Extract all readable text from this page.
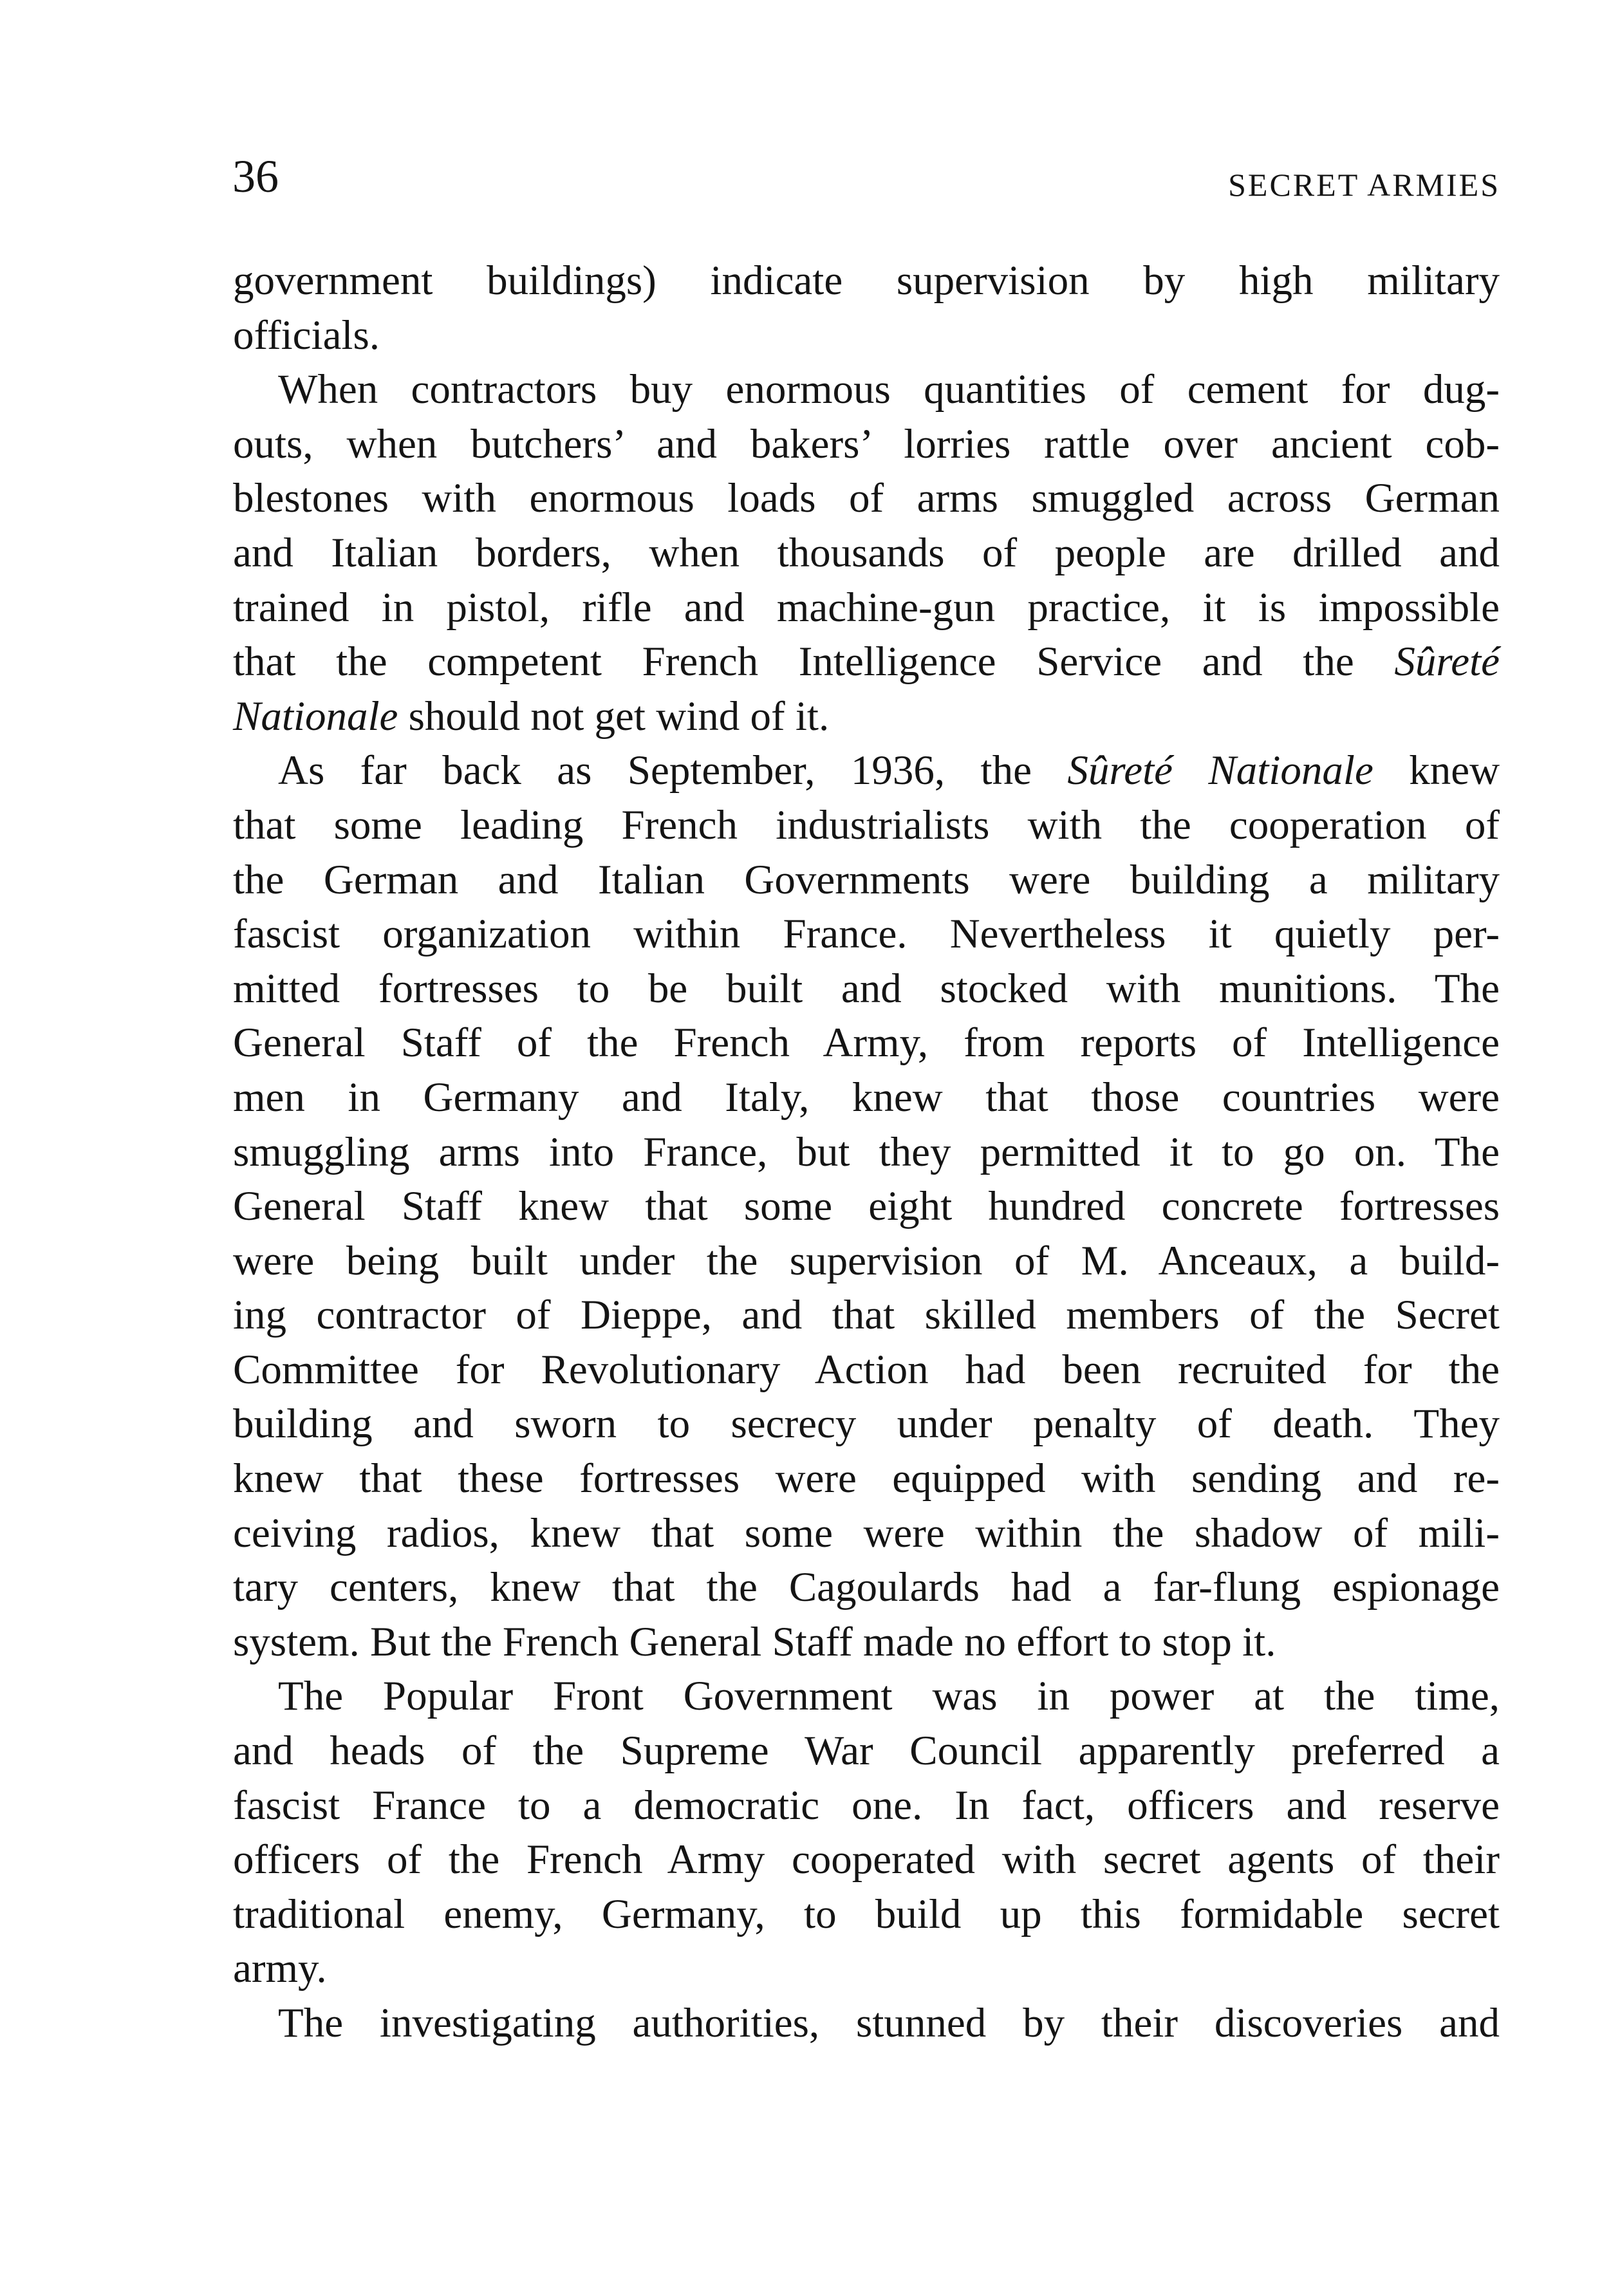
36	SECRET ARMIES
government buildings) indicate supervision by high military
officials.
When contractors buy enormous quantities of cement for dug-
outs, when butchers’ and bakers’ lorries rattle over ancient cob-
blestones with enormous loads of arms smuggled across German
and Italian borders, when thousands of people are drilled and
trained in pistol, rifle and machine-gun practice, it is impossible
that the competent French Intelligence Service and the Sûreté
Nationale should not get wind of it.
As far back as September, 1936, the Sûreté Nationale knew
that some leading French industrialists with the cooperation of
the German and Italian Governments were building a military
fascist organization within France. Nevertheless it quietly per-
mitted fortresses to be built and stocked with munitions. The
General Staff of the French Army, from reports of Intelligence
men in Germany and Italy, knew that those countries were
smuggling arms into France, but they permitted it to go on. The
General Staff knew that some eight hundred concrete fortresses
were being built under the supervision of M. Anceaux, a build-
ing contractor of Dieppe, and that skilled members of the Secret
Committee for Revolutionary Action had been recruited for the
building and sworn to secrecy under penalty of death. They
knew that these fortresses were equipped with sending and re-
ceiving radios, knew that some were within the shadow of mili-
tary centers, knew that the Cagoulards had a far-flung espionage
system. But the French General Staff made no effort to stop it.
The Popular Front Government was in power at the time,
and heads of the Supreme War Council apparently preferred a
fascist France to a democratic one. In fact, officers and reserve
officers of the French Army cooperated with secret agents of their
traditional enemy, Germany, to build up this formidable secret
army.
The investigating authorities, stunned by their discoveries and
